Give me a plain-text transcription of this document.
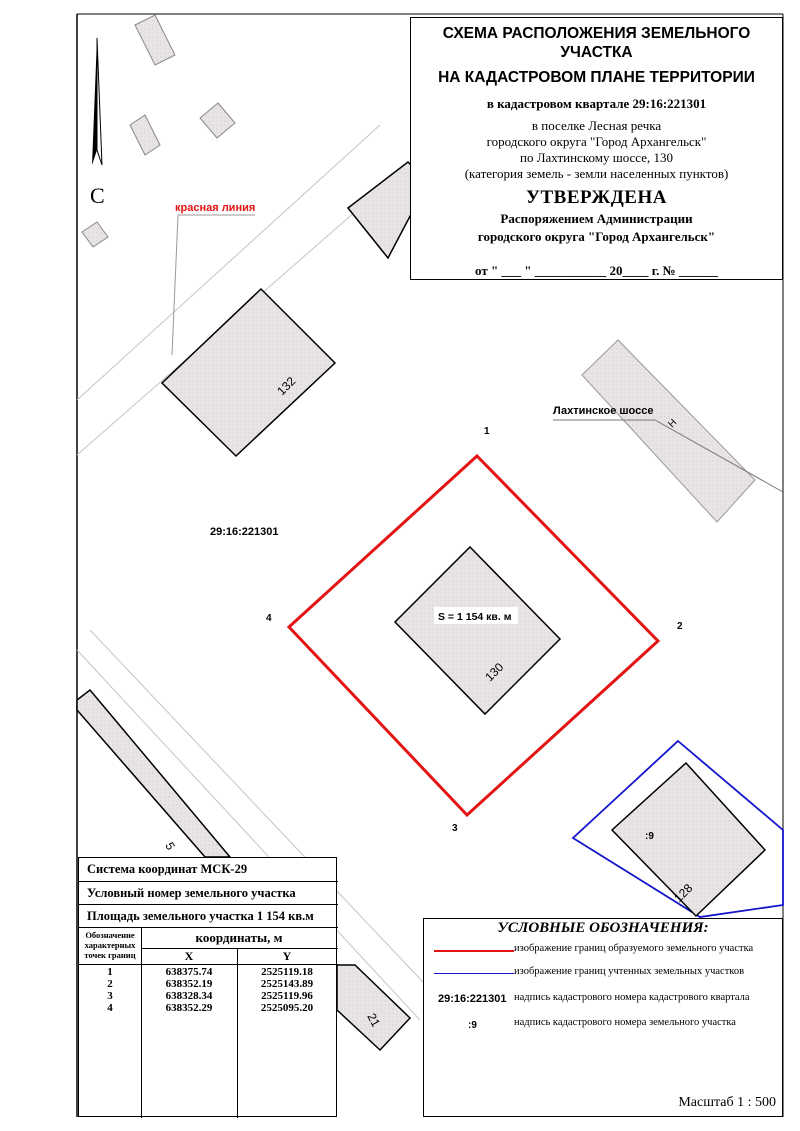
С	красная линия
132
Лахтинское шоссе
Н
29:16:221301
S = 1 154 кв. м
130
1
2
3
4
5
21
:9
128
СХЕМА РАСПОЛОЖЕНИЯ ЗЕМЕЛЬНОГО УЧАСТКА
НА КАДАСТРОВОМ ПЛАНЕ ТЕРРИТОРИИ
в кадастровом квартале 29:16:221301
в поселке Лесная речка
городского округа "Город Архангельск"
по Лахтинскому шоссе, 130
(категория земель - земли населенных пунктов)
УТВЕРЖДЕНА
Распоряжением Администрации
городского округа "Город Архангельск"
от " ___ " ___________ 20____ г. № ______
Система координат МСК-29
Условный номер земельного участка
Площадь земельного участка 1 154 кв.м
Обозначение характерных точек границ
координаты, м
X	Y
1	638375.74	2525119.18
2	638352.19	2525143.89
3	638328.34	2525119.96
4	638352.29	2525095.20
УСЛОВНЫЕ ОБОЗНАЧЕНИЯ:
изображение границ образуемого земельного участка
изображение границ учтенных земельных участков
29:16:221301 надпись кадастрового номера кадастрового квартала
:9	надпись кадастрового номера земельного участка
Масштаб 1 : 500
